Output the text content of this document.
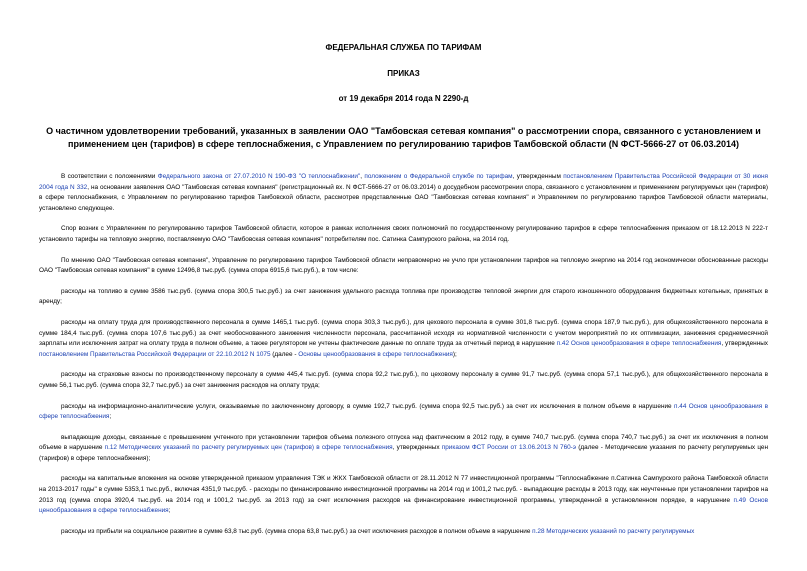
ФЕДЕРАЛЬНАЯ СЛУЖБА ПО ТАРИФАМ
ПРИКАЗ
от 19 декабря 2014 года N 2290-д
О частичном удовлетворении требований, указанных в заявлении ОАО "Тамбовская сетевая компания" о рассмотрении спора, связанного с установлением и применением цен (тарифов) в сфере теплоснабжения, с Управлением по регулированию тарифов Тамбовской области (N ФСТ-5666-27 от 06.03.2014)

В соответствии с положениями Федерального закона от 27.07.2010 N 190-ФЗ "О теплоснабжении", положением о Федеральной службе по тарифам, утвержденным постановлением Правительства Российской Федерации от 30 июня 2004 года N 332, на основании заявления ОАО "Тамбовская сетевая компания" (регистрационный вх. N ФСТ-5666-27 от 06.03.2014) о досудебном рассмотрении спора, связанного с установлением и применением регулируемых цен (тарифов) в сфере теплоснабжения, с Управлением по регулированию тарифов Тамбовской области, рассмотрев представленные ОАО "Тамбовская сетевая компания" и Управлением по регулированию тарифов Тамбовской области материалы, установлено следующее.

Спор возник с Управлением по регулированию тарифов Тамбовской области, которое в рамках исполнения своих полномочий по государственному регулированию тарифов в сфере теплоснабжения приказом от 18.12.2013 N 222-т установило тарифы на тепловую энергию, поставляемую ОАО "Тамбовская сетевая компания" потребителям пос. Сатинка Сампурского района, на 2014 год.

По мнению ОАО "Тамбовская сетевая компания", Управление по регулированию тарифов Тамбовской области неправомерно не учло при установлении тарифов на тепловую энергию на 2014 год экономически обоснованные расходы ОАО "Тамбовская сетевая компания" в сумме 12496,8 тыс.руб. (сумма спора 6915,6 тыс.руб.), в том числе:

расходы на топливо в сумме 3586 тыс.руб. (сумма спора 300,5 тыс.руб.) за счет занижения удельного расхода топлива при производстве тепловой энергии для старого изношенного оборудования бюджетных котельных, принятых в аренду;

расходы на оплату труда для производственного персонала в сумме 1465,1 тыс.руб. (сумма спора 303,3 тыс.руб.), для цехового персонала в сумме 301,8 тыс.руб. (сумма спора 187,9 тыс.руб.), для общехозяйственного персонала в сумме 184,4 тыс.руб. (сумма спора 107,6 тыс.руб.) за счет необоснованного занижения численности персонала, рассчитанной исходя из нормативной численности с учетом мероприятий по их оптимизации, занижения среднемесячной зарплаты или исключения затрат на оплату труда в полном объеме, а также регулятором не учтены фактические данные по оплате труда за отчетный период в нарушение п.42 Основ ценообразования в сфере теплоснабжения, утвержденных постановлением Правительства Российской Федерации от 22.10.2012 N 1075 (далее - Основы ценообразования в сфере теплоснабжения);

расходы на страховые взносы по производственному персоналу в сумме 445,4 тыс.руб. (сумма спора 92,2 тыс.руб.), по цеховому персоналу в сумме 91,7 тыс.руб. (сумма спора 57,1 тыс.руб.), для общехозяйственного персонала в сумме 56,1 тыс.руб. (сумма спора 32,7 тыс.руб.) за счет занижения расходов на оплату труда;

расходы на информационно-аналитические услуги, оказываемые по заключенному договору, в сумме 192,7 тыс.руб. (сумма спора 92,5 тыс.руб.) за счет их исключения в полном объеме в нарушение п.44 Основ ценообразования в сфере теплоснабжения;

выпадающие доходы, связанные с превышением учтенного при установлении тарифов объема полезного отпуска над фактическим в 2012 году, в сумме 740,7 тыс.руб. (сумма спора 740,7 тыс.руб.) за счет их исключения в полном объеме в нарушение п.12 Методических указаний по расчету регулируемых цен (тарифов) в сфере теплоснабжения, утвержденных приказом ФСТ России от 13.06.2013 N 760-э (далее - Методические указания по расчету регулируемых цен (тарифов) в сфере теплоснабжения);

расходы на капитальные вложения на основе утвержденной приказом управления ТЭК и ЖКХ Тамбовской области от 28.11.2012 N 77 инвестиционной программы "Теплоснабжение п.Сатинка Сампурского района Тамбовской области на 2013-2017 годы" в сумме 5353,1 тыс.руб., включая 4351,9 тыс.руб. - расходы по финансированию инвестиционной программы на 2014 год и 1001,2 тыс.руб. - выпадающие расходы в 2013 году, как неучтенные при установлении тарифов на 2013 год (сумма спора 3920,4 тыс.руб. на 2014 год и 1001,2 тыс.руб. за 2013 год) за счет исключения расходов на финансирование инвестиционной программы, утвержденной в установленном порядке, в нарушение п.49 Основ ценообразования в сфере теплоснабжения;

расходы из прибыли на социальное развитие в сумме 63,8 тыс.руб. (сумма спора 63,8 тыс.руб.) за счет исключения расходов в полном объеме в нарушение п.28 Методических указаний по расчету регулируемых
